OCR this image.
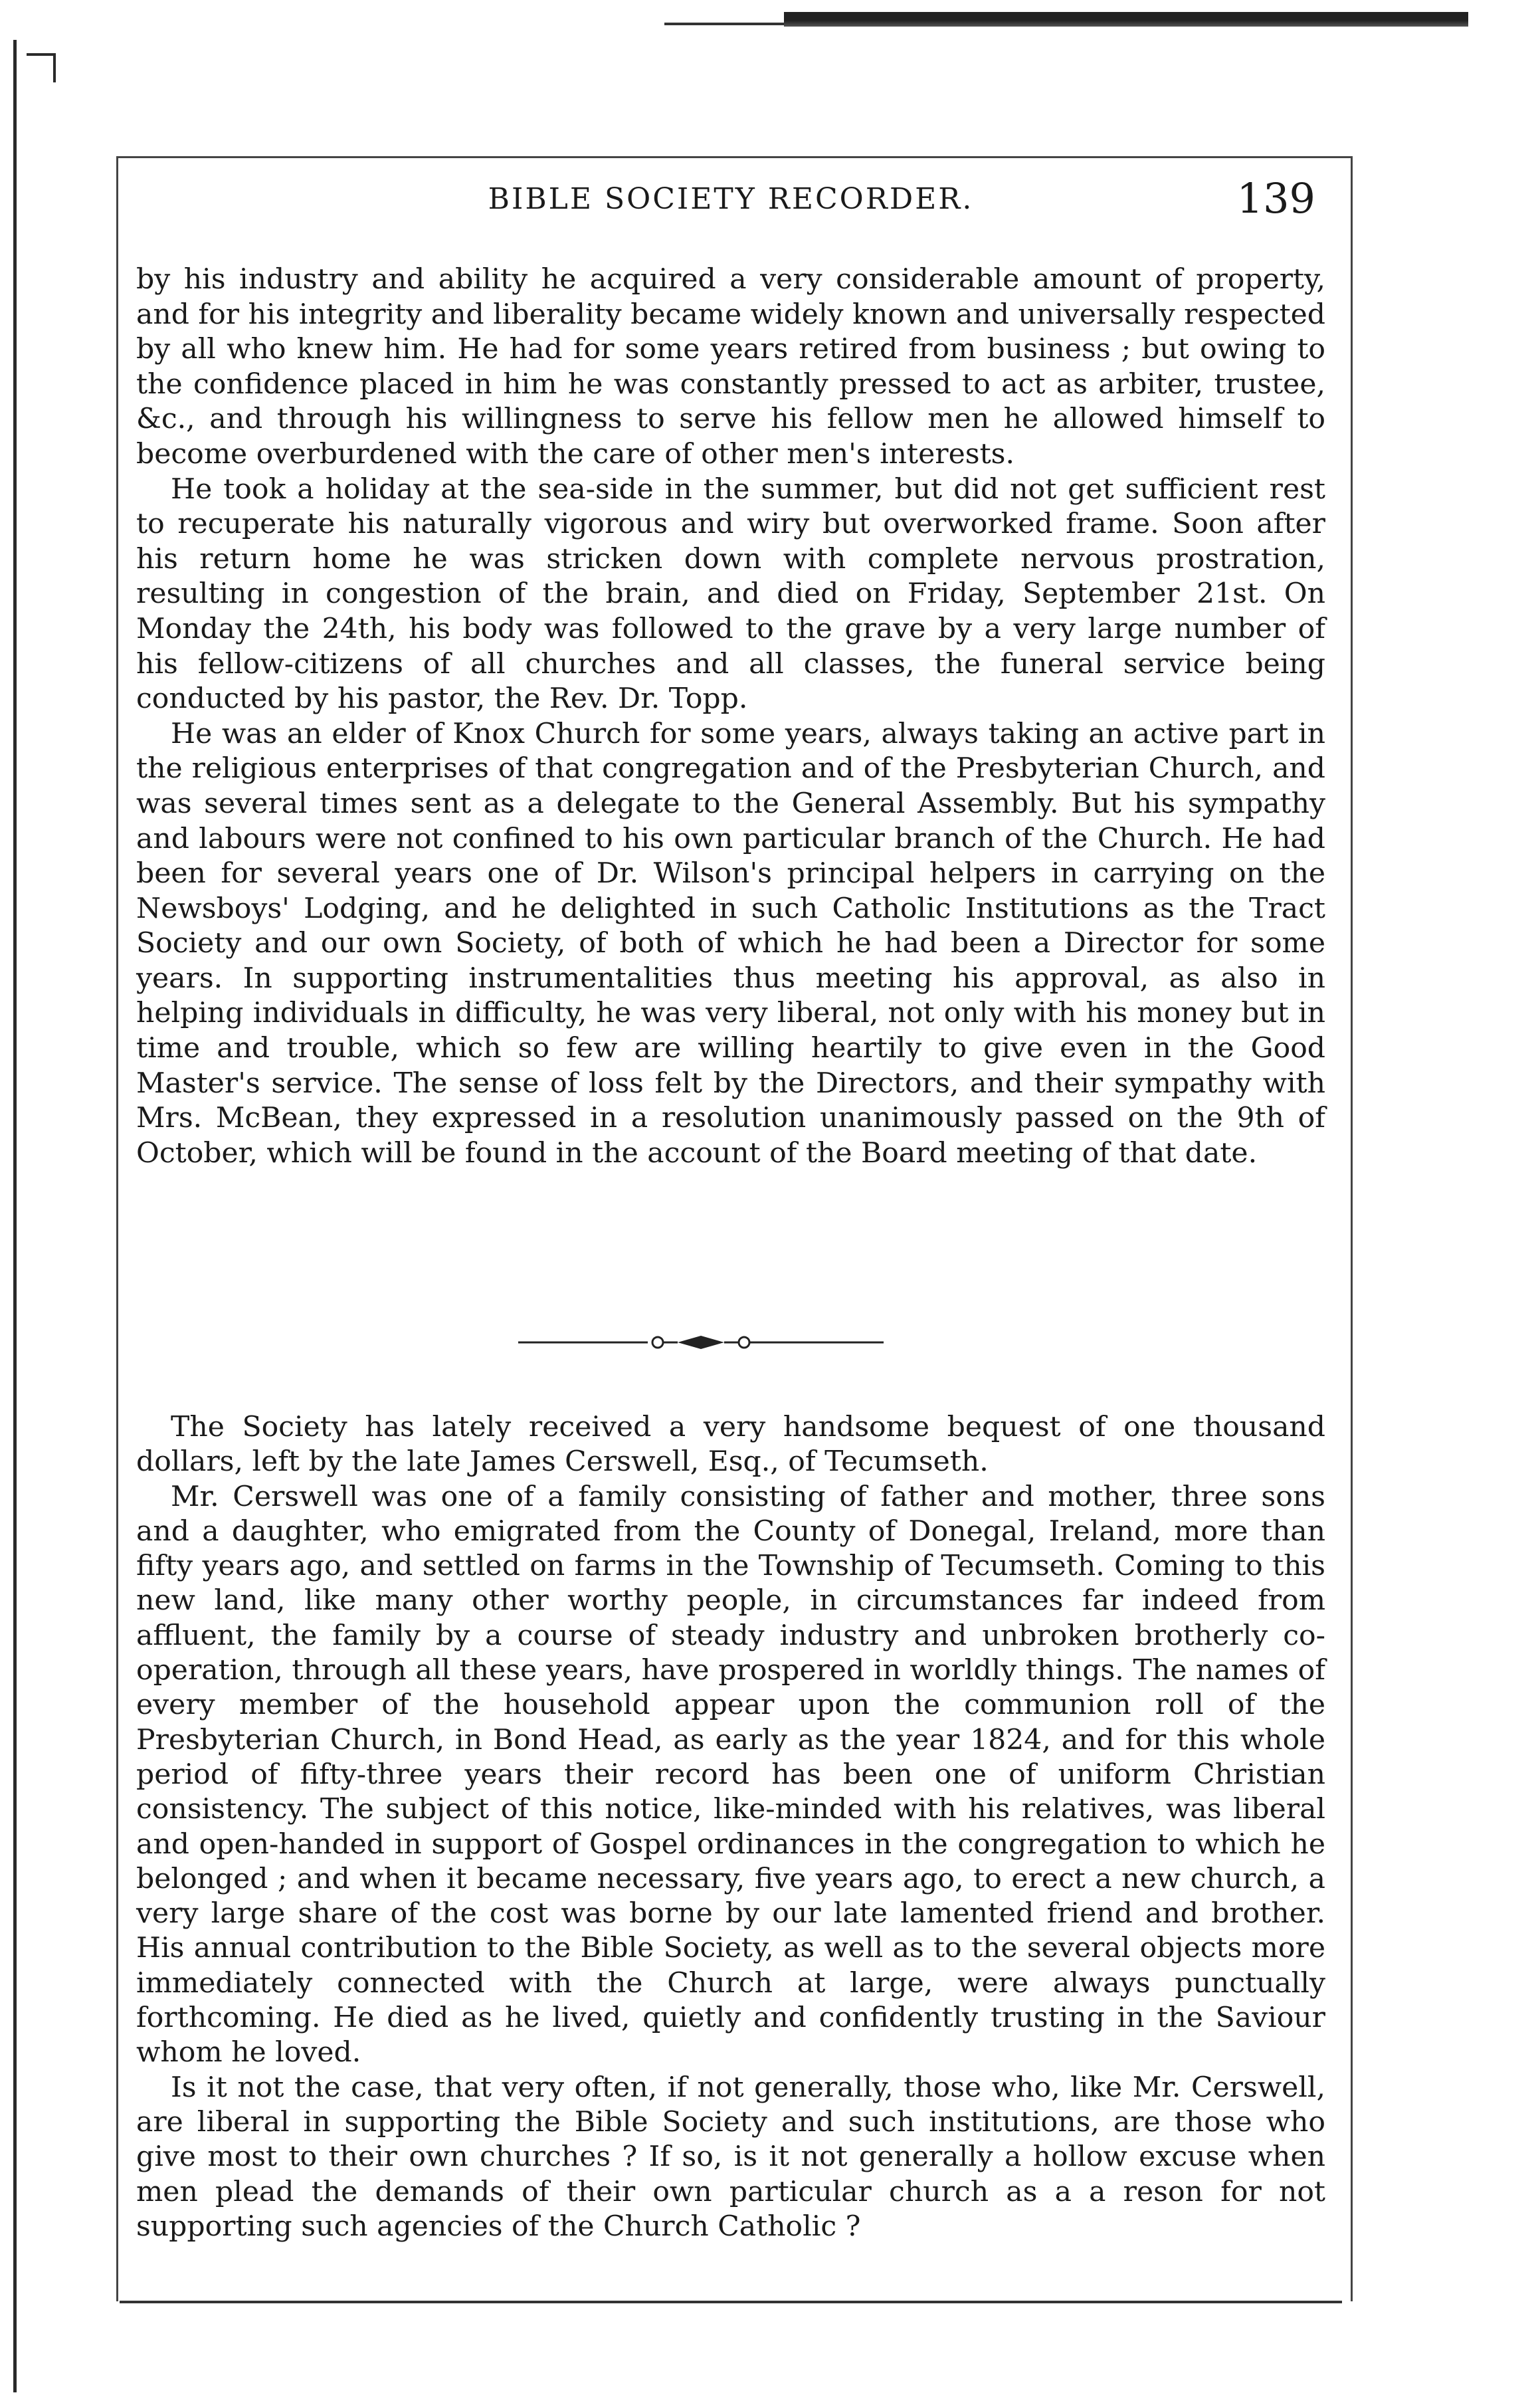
BIBLE SOCIETY RECORDER.	139

by his industry and ability he acquired a very considerable amount of property, and for his integrity and liberality became widely known and universally respected by all who knew him. He had for some years retired from business ; but owing to the confidence placed in him he was constantly pressed to act as arbiter, trustee, &c., and through his willingness to serve his fellow men he allowed himself to become overburdened with the care of other men's interests.

He took a holiday at the sea-side in the summer, but did not get sufficient rest to recuperate his naturally vigorous and wiry but overworked frame. Soon after his return home he was stricken down with complete nervous prostration, resulting in congestion of the brain, and died on Friday, September 21st. On Monday the 24th, his body was followed to the grave by a very large number of his fellow-citizens of all churches and all classes, the funeral service being conducted by his pastor, the Rev. Dr. Topp.

He was an elder of Knox Church for some years, always taking an active part in the religious enterprises of that congregation and of the Presbyterian Church, and was several times sent as a delegate to the General Assembly. But his sympathy and labours were not confined to his own particular branch of the Church. He had been for several years one of Dr. Wilson's principal helpers in carrying on the Newsboys' Lodging, and he delighted in such Catholic Institutions as the Tract Society and our own Society, of both of which he had been a Director for some years. In supporting instrumentalities thus meeting his approval, as also in helping individuals in difficulty, he was very liberal, not only with his money but in time and trouble, which so few are willing heartily to give even in the Good Master's service. The sense of loss felt by the Directors, and their sympathy with Mrs. McBean, they expressed in a resolution unanimously passed on the 9th of October, which will be found in the account of the Board meeting of that date.

The Society has lately received a very handsome bequest of one thousand dollars, left by the late James Cerswell, Esq., of Tecumseth.

Mr. Cerswell was one of a family consisting of father and mother, three sons and a daughter, who emigrated from the County of Donegal, Ireland, more than fifty years ago, and settled on farms in the Township of Tecumseth. Coming to this new land, like many other worthy people, in circumstances far indeed from affluent, the family by a course of steady industry and unbroken brotherly co-operation, through all these years, have prospered in worldly things. The names of every member of the household appear upon the communion roll of the Presbyterian Church, in Bond Head, as early as the year 1824, and for this whole period of fifty-three years their record has been one of uniform Christian consistency. The subject of this notice, like-minded with his relatives, was liberal and open-handed in support of Gospel ordinances in the congregation to which he belonged ; and when it became necessary, five years ago, to erect a new church, a very large share of the cost was borne by our late lamented friend and brother. His annual contribution to the Bible Society, as well as to the several objects more immediately connected with the Church at large, were always punctually forthcoming. He died as he lived, quietly and confidently trusting in the Saviour whom he loved.

Is it not the case, that very often, if not generally, those who, like Mr. Cerswell, are liberal in supporting the Bible Society and such institutions, are those who give most to their own churches ? If so, is it not generally a hollow excuse when men plead the demands of their own particular church as a a reson for not supporting such agencies of the Church Catholic ?
